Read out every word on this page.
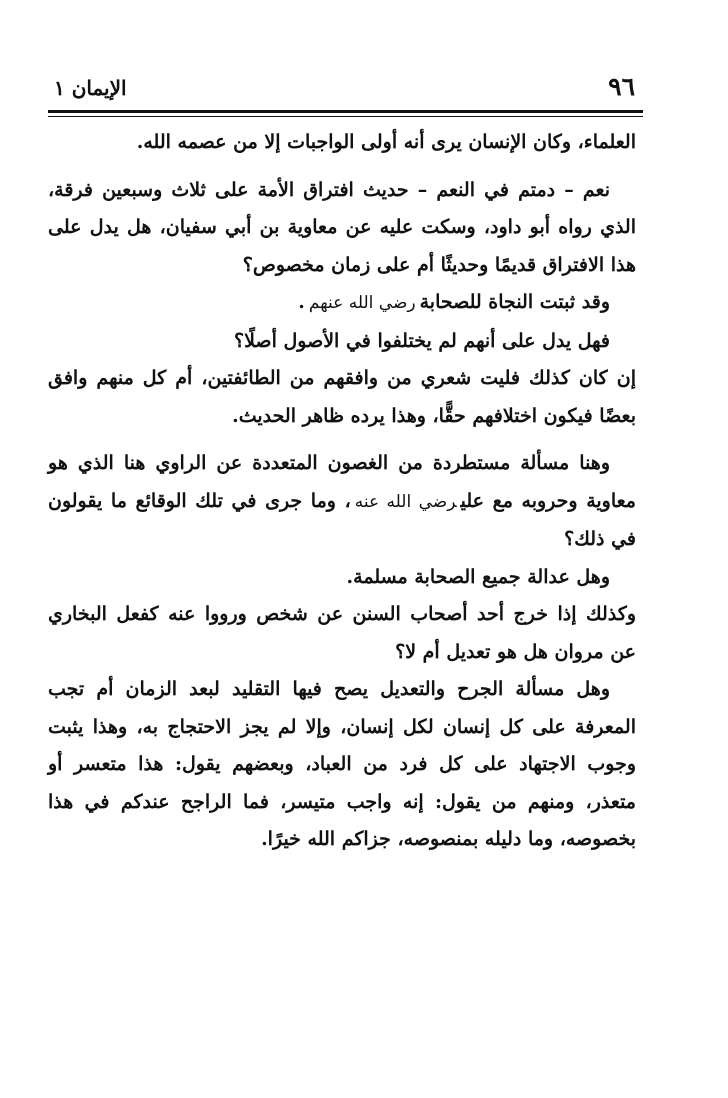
٩٦
الإيمان ١

العلماء، وكان الإنسان يرى أنه أولى الواجبات إلا من عصمه الله.

نعم – دمتم في النعم – حديث افتراق الأمة على ثلاث وسبعين فرقة، الذي رواه أبو داود، وسكت عليه عن معاوية بن أبي سفيان، هل يدل على هذا الافتراق قديمًا وحديثًا أم على زمان مخصوص؟

وقد ثبتت النجاة للصحابةرضي الله عنهم.

فهل يدل على أنهم لم يختلفوا في الأصول أصلًا؟

إن كان كذلك فليت شعري من وافقهم من الطائفتين، أم كل منهم وافق بعضًا فيكون اختلافهم حقًّا، وهذا يرده ظاهر الحديث.

وهنا مسألة مستطردة من الغصون المتعددة عن الراوي هنا الذي هو معاوية وحروبه مع عليرضي الله عنه، وما جرى في تلك الوقائع ما يقولون في ذلك؟

وهل عدالة جميع الصحابة مسلمة.

وكذلك إذا خرج أحد أصحاب السنن عن شخص ورووا عنه كفعل البخاري عن مروان هل هو تعديل أم لا؟

وهل مسألة الجرح والتعديل يصح فيها التقليد لبعد الزمان أم تجب المعرفة على كل إنسان لكل إنسان، وإلا لم يجز الاحتجاج به، وهذا يثبت وجوب الاجتهاد على كل فرد من العباد، وبعضهم يقول: هذا متعسر أو متعذر، ومنهم من يقول: إنه واجب متيسر، فما الراجح عندكم في هذا بخصوصه، وما دليله بمنصوصه، جزاكم الله خيرًا.
